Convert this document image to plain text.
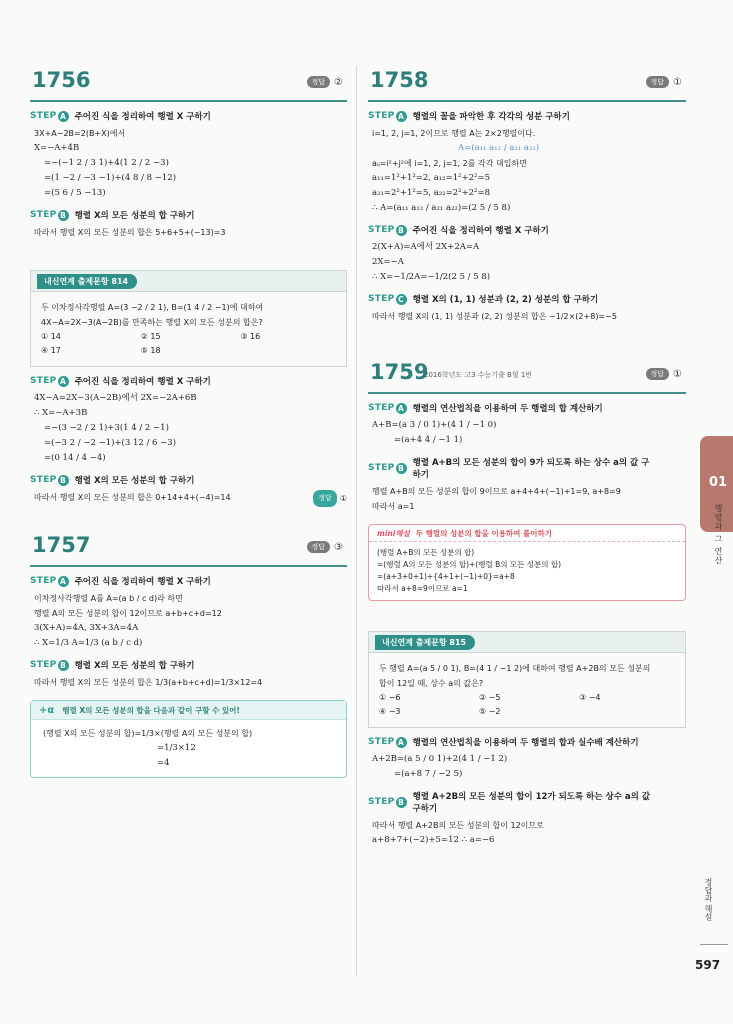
1756	정답 ②
STEP A 주어진 식을 정리하여 행렬 X 구하기
3X+A−2B=2(B+X)에서
X=−A+4B
=−(−1 2 / 3 1)+4(1 2 / 2 −3)
=(1 −2 / −3 −1)+(4 8 / 8 −12)
=(5 6 / 5 −13)
STEP B 행렬 X의 모든 성분의 합 구하기
따라서 행렬 X의 모든 성분의 합은 5+6+5+(−13)=3
내신연계 출제문항 814
두 이차정사각행렬 A=(3 −2 / 2 1), B=(1 4 / 2 −1)에 대하여
4X−A=2X−3(A−2B)를 만족하는 행렬 X의 모든 성분의 합은?
① 14	② 15	③ 16
④ 17	⑤ 18
STEP A 주어진 식을 정리하여 행렬 X 구하기
4X−A=2X−3(A−2B)에서 2X=−2A+6B
∴ X=−A+3B
=−(3 −2 / 2 1)+3(1 4 / 2 −1)
=(−3 2 / −2 −1)+(3 12 / 6 −3)
=(0 14 / 4 −4)
STEP B 행렬 X의 모든 성분의 합 구하기
따라서 행렬 X의 모든 성분의 합은 0+14+4+(−4)=14	정답	①
1757	정답 ③
STEP A 주어진 식을 정리하여 행렬 X 구하기
이차정사각행렬 A를 A=(a b / c d)라 하면
행렬 A의 모든 성분의 합이 12이므로 a+b+c+d=12
3(X+A)=4A, 3X+3A=4A
∴ X=1/3 A=1/3 (a b / c d)
STEP B 행렬 X의 모든 성분의 합 구하기
따라서 행렬 X의 모든 성분의 합은 1/3(a+b+c+d)=1/3×12=4
+α 행렬 X의 모든 성분의 합을 다음과 같이 구할 수 있어!
(행렬 X의 모든 성분의 합)=1/3×(행렬 A의 모든 성분의 합)
=1/3×12
=4
1758	정답 ①
STEP A 행렬의 꼴을 파악한 후 각각의 성분 구하기
i=1, 2, j=1, 2이므로 행렬 A는 2×2행렬이다.
A=(a₁₁ a₁₂ / a₂₁ a₂₂)
aᵢⱼ=i²+j²에 i=1, 2, j=1, 2를 각각 대입하면
a₁₁=1²+1²=2, a₁₂=1²+2²=5
a₂₁=2²+1²=5, a₂₂=2²+2²=8
∴ A=(a₁₁ a₁₂ / a₂₁ a₂₂)=(2 5 / 5 8)
STEP B 주어진 식을 정리하여 행렬 X 구하기
2(X+A)=A에서 2X+2A=A
2X=−A
∴ X=−1/2A=−1/2(2 5 / 5 8)
STEP C	행렬 X의 (1, 1) 성분과 (2, 2) 성분의 합 구하기
따라서 행렬 X의 (1, 1) 성분과 (2, 2) 성분의 합은 −1/2×(2+8)=−5
1759
2016학년도 고3 수능기출 B형 1번	정답 ①
STEP A 행렬의 연산법칙을 이용하여 두 행렬의 합 계산하기
A+B=(a 3 / 0 1)+(4 1 / −1 0)
=(a+4 4 / −1 1)
STEP B 행렬 A+B의 모든 성분의 합이 9가 되도록 하는 상수 a의 값 구하기
행렬 A+B의 모든 성분의 합이 9이므로 a+4+4+(−1)+1=9, a+8=9
따라서 a=1
mini해설 두 행렬의 성분의 합을 이용하여 풀이하기
(행렬 A+B의 모든 성분의 합)
=(행렬 A의 모든 성분의 합)+(행렬 B의 모든 성분의 합)
=(a+3+0+1)+{4+1+(−1)+0}=a+8
따라서 a+8=9이므로 a=1
내신연계 출제문항 815
두 행렬 A=(a 5 / 0 1), B=(4 1 / −1 2)에 대하여 행렬 A+2B의 모든 성분의
합이 12일 때, 상수 a의 값은?
① −6	② −5	③ −4
④ −3	⑤ −2
STEP A 행렬의 연산법칙을 이용하여 두 행렬의 합과 실수배 계산하기
A+2B=(a 5 / 0 1)+2(4 1 / −1 2)
=(a+8 7 / −2 5)
STEP B 행렬 A+2B의 모든 성분의 합이 12가 되도록 하는 상수 a의 값 구하기
따라서 행렬 A+2B의 모든 성분의 합이 12이므로
a+8+7+(−2)+5=12 ∴ a=−6
01
행렬과 그 연산
정답과 해설
597
